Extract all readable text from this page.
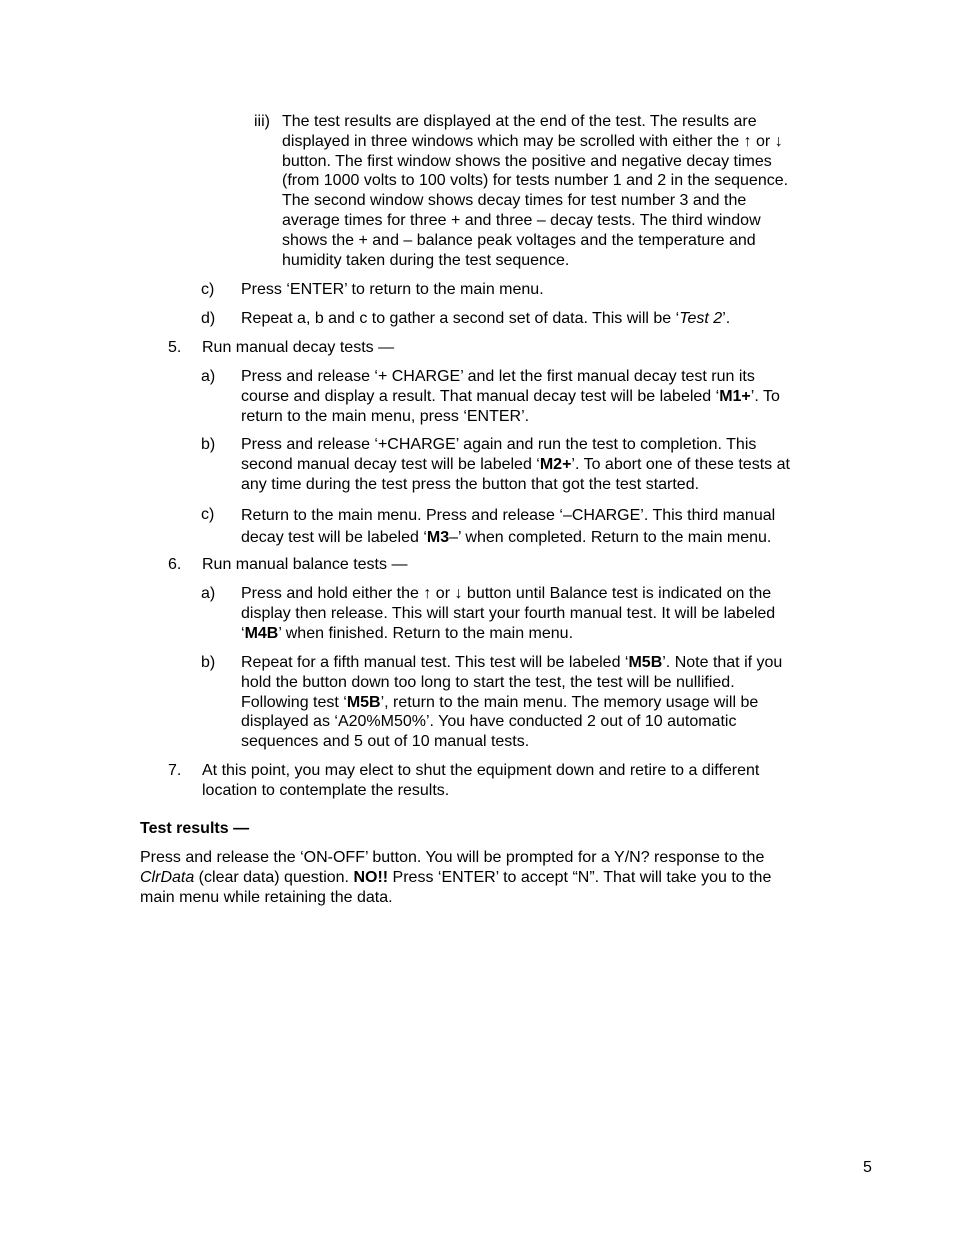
iii) The test results are displayed at the end of the test. The results are
displayed in three windows which may be scrolled with either the ↑ or ↓
button. The first window shows the positive and negative decay times
(from 1000 volts to 100 volts) for tests number 1 and 2 in the sequence.
The second window shows decay times for test number 3 and the
average times for three + and three – decay tests. The third window
shows the + and – balance peak voltages and the temperature and
humidity taken during the test sequence.
c) Press ‘ENTER’ to return to the main menu.
d) Repeat a, b and c to gather a second set of data. This will be ‘Test 2’.
5. Run manual decay tests —
a) Press and release ‘+ CHARGE’ and let the first manual decay test run its
course and display a result. That manual decay test will be labeled ‘M1+’. To
return to the main menu, press ‘ENTER’.
b) Press and release ‘+CHARGE’ again and run the test to completion. This
second manual decay test will be labeled ‘M2+’. To abort one of these tests at
any time during the test press the button that got the test started.
c) Return to the main menu. Press and release ‘–CHARGE’. This third manual
decay test will be labeled ‘M3–’ when completed. Return to the main menu.
6. Run manual balance tests —
a) Press and hold either the ↑ or ↓ button until Balance test is indicated on the
display then release. This will start your fourth manual test. It will be labeled
‘M4B’ when finished. Return to the main menu.
b) Repeat for a fifth manual test. This test will be labeled ‘M5B’. Note that if you
hold the button down too long to start the test, the test will be nullified.
Following test ‘M5B’, return to the main menu. The memory usage will be
displayed as ‘A20%M50%’. You have conducted 2 out of 10 automatic
sequences and 5 out of 10 manual tests.
7. At this point, you may elect to shut the equipment down and retire to a different
location to contemplate the results.
Test results —
Press and release the ‘ON-OFF’ button. You will be prompted for a Y/N? response to the
ClrData (clear data) question. NO!! Press ‘ENTER’ to accept “N”. That will take you to the
main menu while retaining the data.
5
